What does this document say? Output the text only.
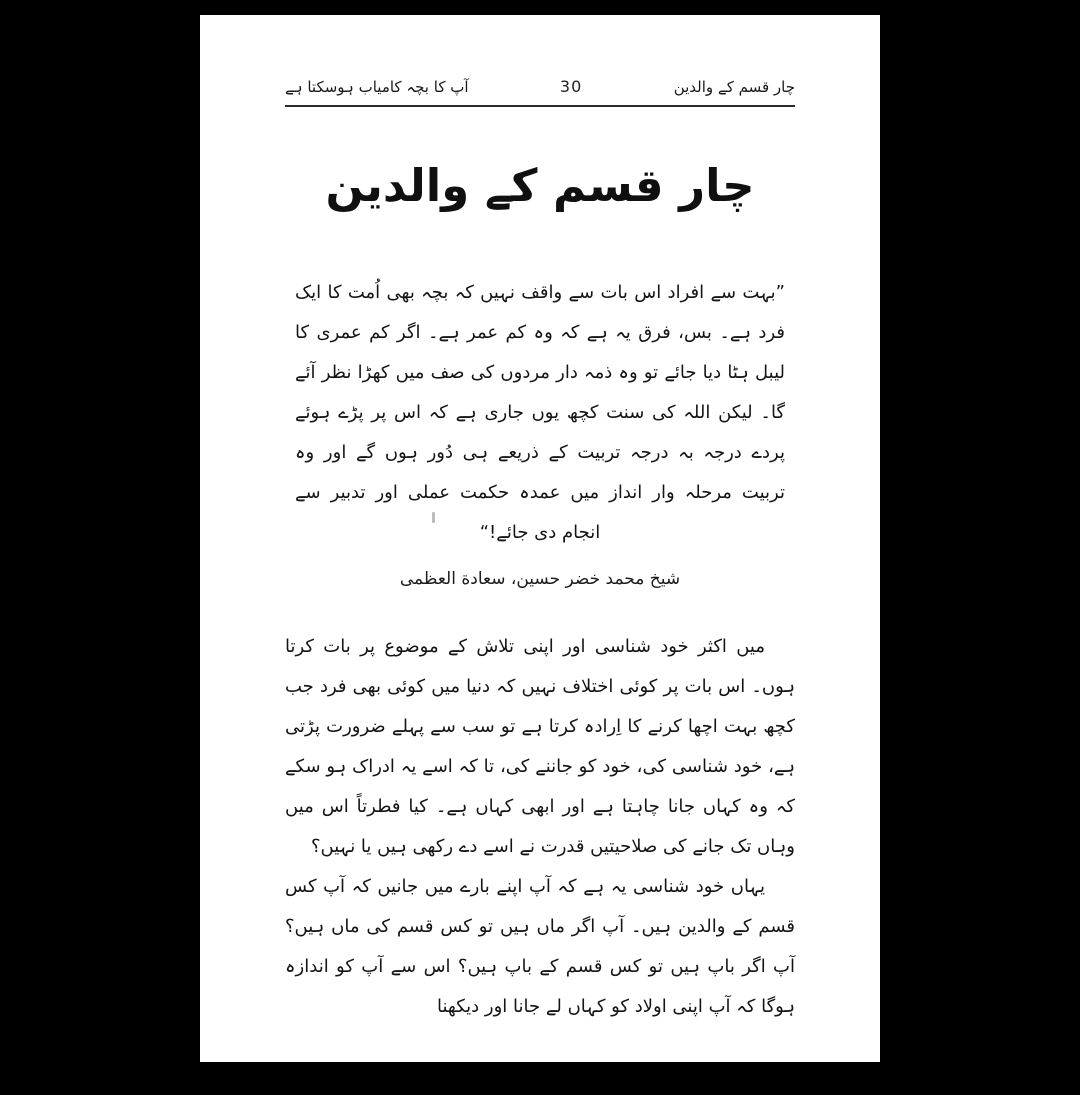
آپ کا بچہ کامیاب ہوسکتا ہے	30	چار قسم کے والدین
چار قسم کے والدین
”بہت سے افراد اس بات سے واقف نہیں کہ بچہ بھی اُمت کا ایک فرد ہے۔ بس، فرق یہ ہے کہ وہ کم عمر ہے۔ اگر کم عمری کا لیبل ہٹا دیا جائے تو وہ ذمہ دار مردوں کی صف میں کھڑا نظر آئے گا۔ لیکن اللہ کی سنت کچھ یوں جاری ہے کہ اس پر پڑے ہوئے پردے درجہ بہ درجہ تربیت کے ذریعے ہی دُور ہوں گے اور وہ تربیت مرحلہ وار انداز میں عمدہ حکمت عملی اور تدبیر سے انجام دی جائے!“
شیخ محمد خضر حسین، سعادة العظمی

میں اکثر خود شناسی اور اپنی تلاش کے موضوع پر بات کرتا ہوں۔ اس بات پر کوئی اختلاف نہیں کہ دنیا میں کوئی بھی فرد جب کچھ بہت اچھا کرنے کا اِرادہ کرتا ہے تو سب سے پہلے ضرورت پڑتی ہے، خود شناسی کی، خود کو جاننے کی، تا کہ اسے یہ ادراک ہو سکے کہ وہ کہاں جانا چاہتا ہے اور ابھی کہاں ہے۔ کیا فطرتاً اس میں وہاں تک جانے کی صلاحیتیں قدرت نے اسے دے رکھی ہیں یا نہیں؟

یہاں خود شناسی یہ ہے کہ آپ اپنے بارے میں جانیں کہ آپ کس قسم کے والدین ہیں۔ آپ اگر ماں ہیں تو کس قسم کی ماں ہیں؟ آپ اگر باپ ہیں تو کس قسم کے باپ ہیں؟ اس سے آپ کو اندازہ ہوگا کہ آپ اپنی اولاد کو کہاں لے جانا اور دیکھنا
